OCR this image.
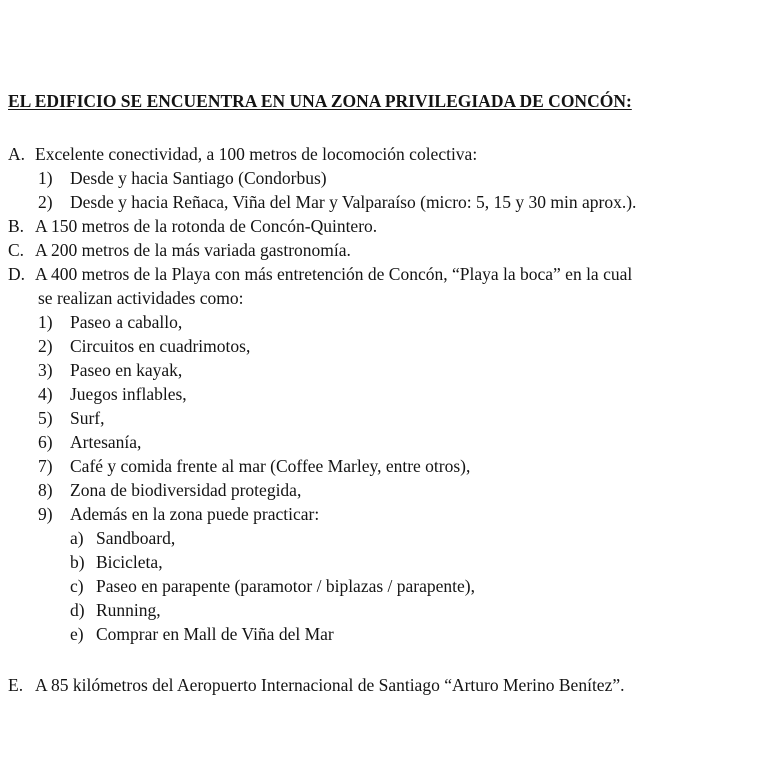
EL EDIFICIO SE ENCUENTRA EN UNA ZONA PRIVILEGIADA DE CONCÓN:
A. Excelente conectividad, a 100 metros de locomoción colectiva:
1) Desde y hacia Santiago (Condorbus)
2) Desde y hacia Reñaca, Viña del Mar y Valparaíso (micro: 5, 15 y 30 min aprox.).
B. A 150 metros de la rotonda de Concón-Quintero.
C. A 200 metros de la más variada gastronomía.
D. A 400 metros de la Playa con más entretención de Concón, “Playa la boca” en la cual
se realizan actividades como:
1) Paseo a caballo,
2) Circuitos en cuadrimotos,
3) Paseo en kayak,
4) Juegos inflables,
5) Surf,
6) Artesanía,
7) Café y comida frente al mar (Coffee Marley, entre otros),
8) Zona de biodiversidad protegida,
9) Además en la zona puede practicar:
a) Sandboard,
b) Bicicleta,
c) Paseo en parapente (paramotor / biplazas / parapente),
d) Running,
e) Comprar en Mall de Viña del Mar
E. A 85 kilómetros del Aeropuerto Internacional de Santiago “Arturo Merino Benítez”.
